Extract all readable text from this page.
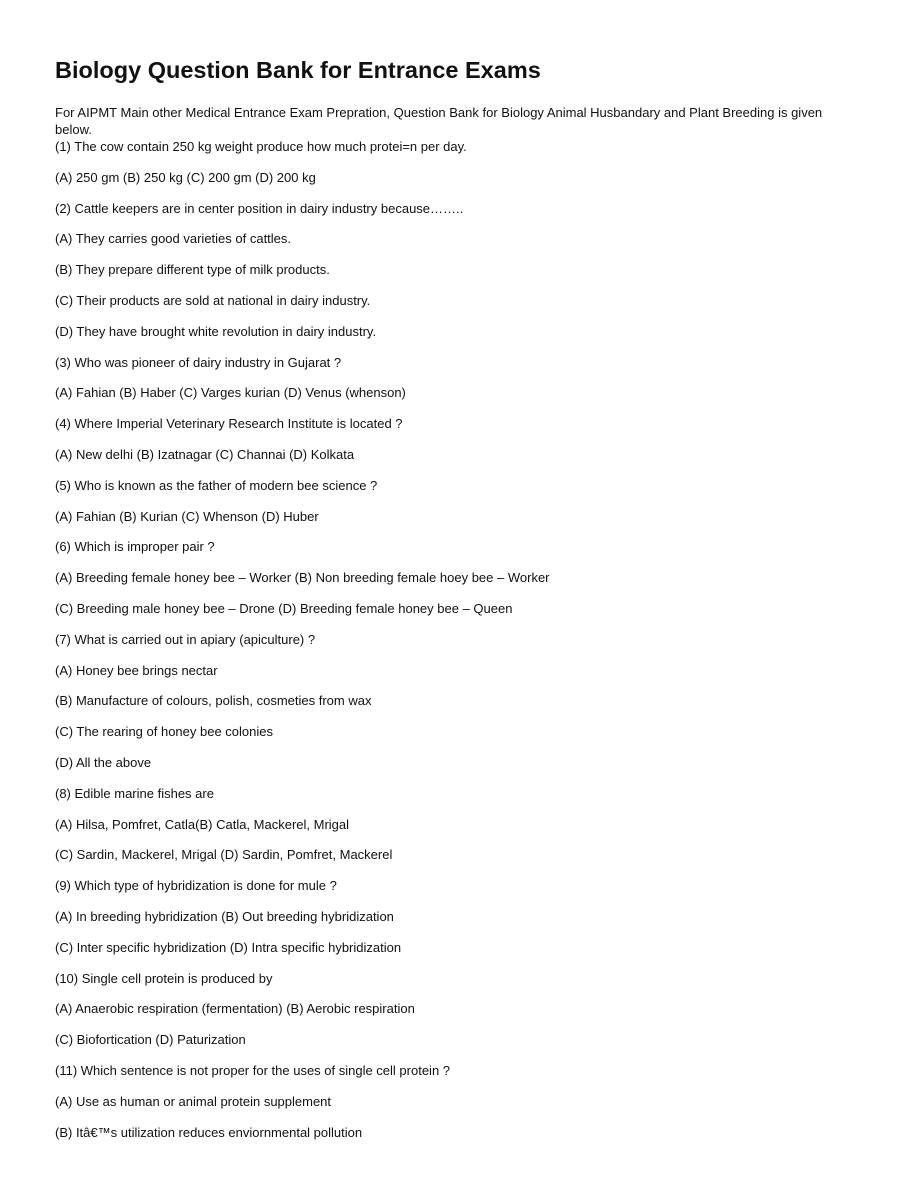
Biology Question Bank for Entrance Exams

For AIPMT Main other Medical Entrance Exam Prepration, Question Bank for Biology Animal Husbandary and Plant Breeding is given below.

(1) The cow contain 250 kg weight produce how much protei=n per day.
(A) 250 gm (B) 250 kg (C) 200 gm (D) 200 kg
(2) Cattle keepers are in center position in dairy industry because……..
(A) They carries good varieties of cattles.
(B) They prepare different type of milk products.
(C) Their products are sold at national in dairy industry.
(D) They have brought white revolution in dairy industry.
(3) Who was pioneer of dairy industry in Gujarat ?
(A) Fahian (B) Haber (C) Varges kurian (D) Venus (whenson)
(4) Where Imperial Veterinary Research Institute is located ?
(A) New delhi (B) Izatnagar (C) Channai (D) Kolkata
(5) Who is known as the father of modern bee science ?
(A) Fahian (B) Kurian (C) Whenson (D) Huber
(6) Which is improper pair ?
(A) Breeding female honey bee – Worker (B) Non breeding female hoey bee – Worker
(C) Breeding male honey bee – Drone (D) Breeding female honey bee – Queen
(7) What is carried out in apiary (apiculture) ?
(A) Honey bee brings nectar
(B) Manufacture of colours, polish, cosmeties from wax
(C) The rearing of honey bee colonies
(D) All the above
(8) Edible marine fishes are
(A) Hilsa, Pomfret, Catla(B) Catla, Mackerel, Mrigal
(C) Sardin, Mackerel, Mrigal (D) Sardin, Pomfret, Mackerel
(9) Which type of hybridization is done for mule ?
(A) In breeding hybridization (B) Out breeding hybridization
(C) Inter specific hybridization (D) Intra specific hybridization
(10) Single cell protein is produced by
(A) Anaerobic respiration (fermentation) (B) Aerobic respiration
(C) Biofortication (D) Paturization
(11) Which sentence is not proper for the uses of single cell protein ?
(A) Use as human or animal protein supplement
(B) Itâ€™s utilization reduces enviornmental pollution
